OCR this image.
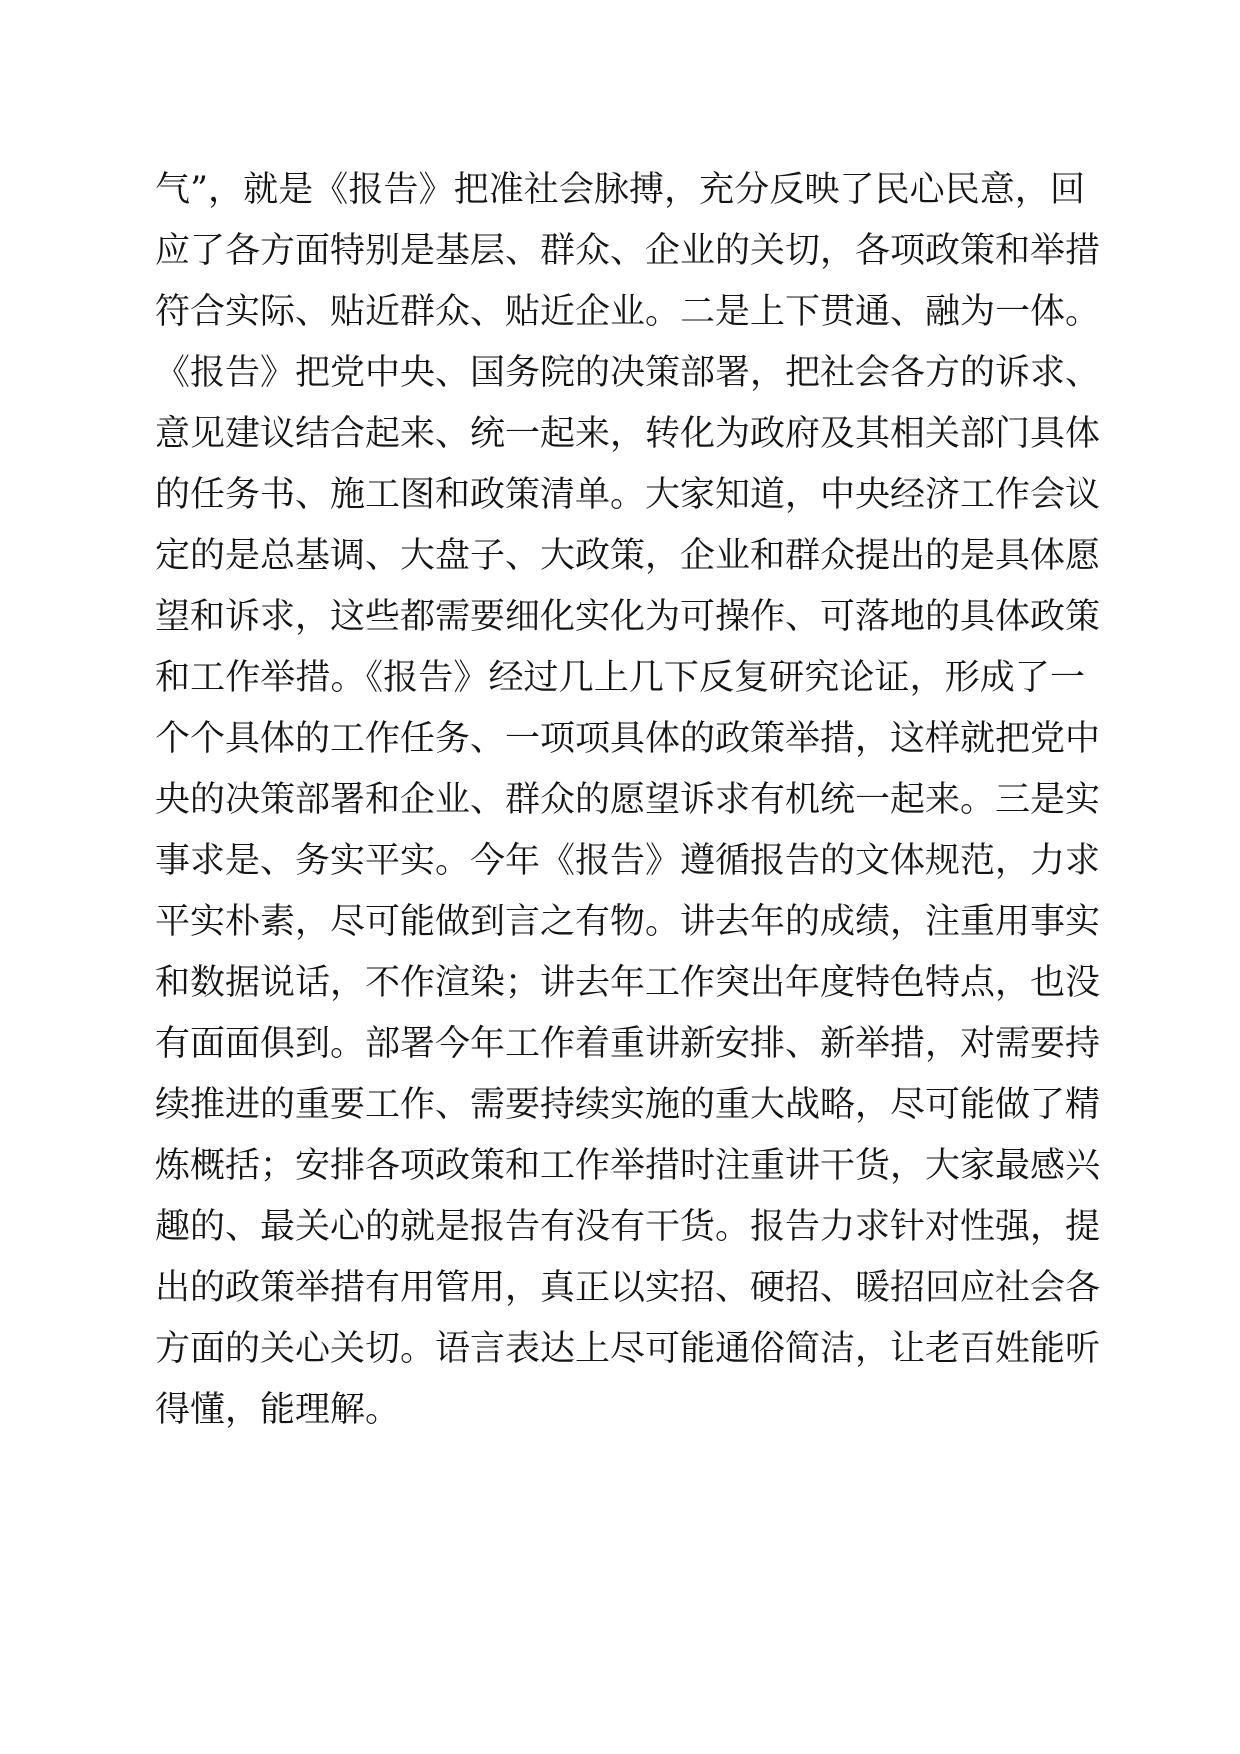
气”，就是《报告》把准社会脉搏，充分反映了民心民意，回
应了各方面特别是基层、群众、企业的关切，各项政策和举措
符合实际、贴近群众、贴近企业。二是上下贯通、融为一体。
《报告》把党中央、国务院的决策部署，把社会各方的诉求、
意见建议结合起来、统一起来，转化为政府及其相关部门具体
的任务书、施工图和政策清单。大家知道，中央经济工作会议
定的是总基调、大盘子、大政策，企业和群众提出的是具体愿
望和诉求，这些都需要细化实化为可操作、可落地的具体政策
和工作举措。《报告》经过几上几下反复研究论证，形成了一
个个具体的工作任务、一项项具体的政策举措，这样就把党中
央的决策部署和企业、群众的愿望诉求有机统一起来。三是实
事求是、务实平实。今年《报告》遵循报告的文体规范，力求
平实朴素，尽可能做到言之有物。讲去年的成绩，注重用事实
和数据说话，不作渲染；讲去年工作突出年度特色特点，也没
有面面俱到。部署今年工作着重讲新安排、新举措，对需要持
续推进的重要工作、需要持续实施的重大战略，尽可能做了精
炼概括；安排各项政策和工作举措时注重讲干货，大家最感兴
趣的、最关心的就是报告有没有干货。报告力求针对性强，提
出的政策举措有用管用，真正以实招、硬招、暖招回应社会各
方面的关心关切。语言表达上尽可能通俗简洁，让老百姓能听
得懂，能理解。
